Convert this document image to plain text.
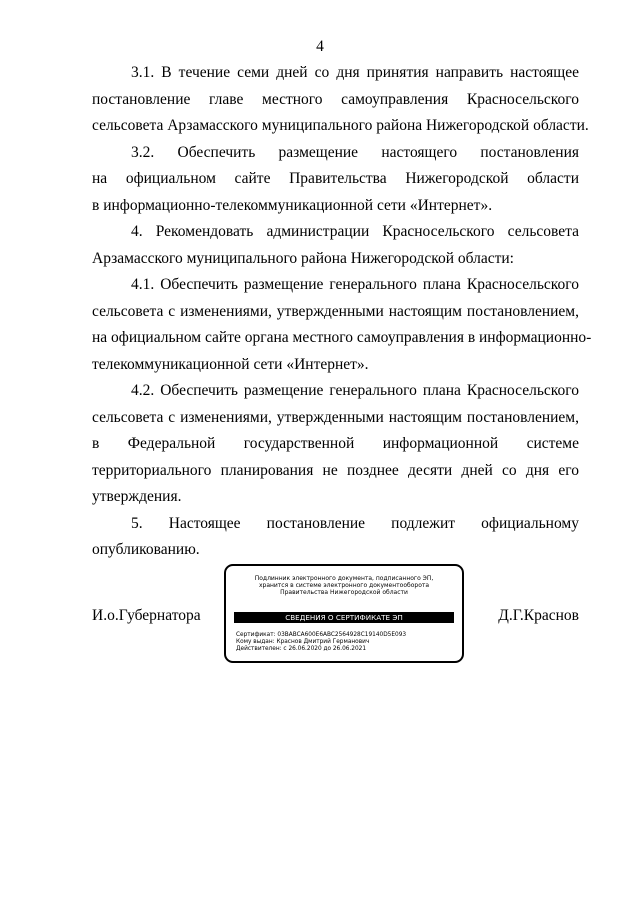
4

3.1. В течение семи дней со дня принятия направить настоящее
постановление главе местного самоуправления Красносельского
сельсовета Арзамасского муниципального района Нижегородской области.

3.2. Обеспечить размещение настоящего постановления
на официальном сайте Правительства Нижегородской области
в информационно-телекоммуникационной сети «Интернет».

4. Рекомендовать администрации Красносельского сельсовета
Арзамасского муниципального района Нижегородской области:

4.1. Обеспечить размещение генерального плана Красносельского
сельсовета с изменениями, утвержденными настоящим постановлением,
на официальном сайте органа местного самоуправления в информационно-
телекоммуникационной сети «Интернет».

4.2. Обеспечить размещение генерального плана Красносельского
сельсовета с изменениями, утвержденными настоящим постановлением,
в Федеральной государственной информационной системе
территориального планирования не позднее десяти дней со дня его
утверждения.

5. Настоящее постановление подлежит официальному
опубликованию.

И.о.Губернатора	Д.Г.Краснов
Подлинник электронного документа, подписанного ЭП,
хранится в системе электронного документооборота
Правительства Нижегородской области
СВЕДЕНИЯ О СЕРТИФИКАТЕ ЭП
Сертификат: 03BABCA600E6ABC2564928C19140D5E093
Кому выдан: Краснов Дмитрий Германович
Действителен: с 26.06.2020 до 26.06.2021
